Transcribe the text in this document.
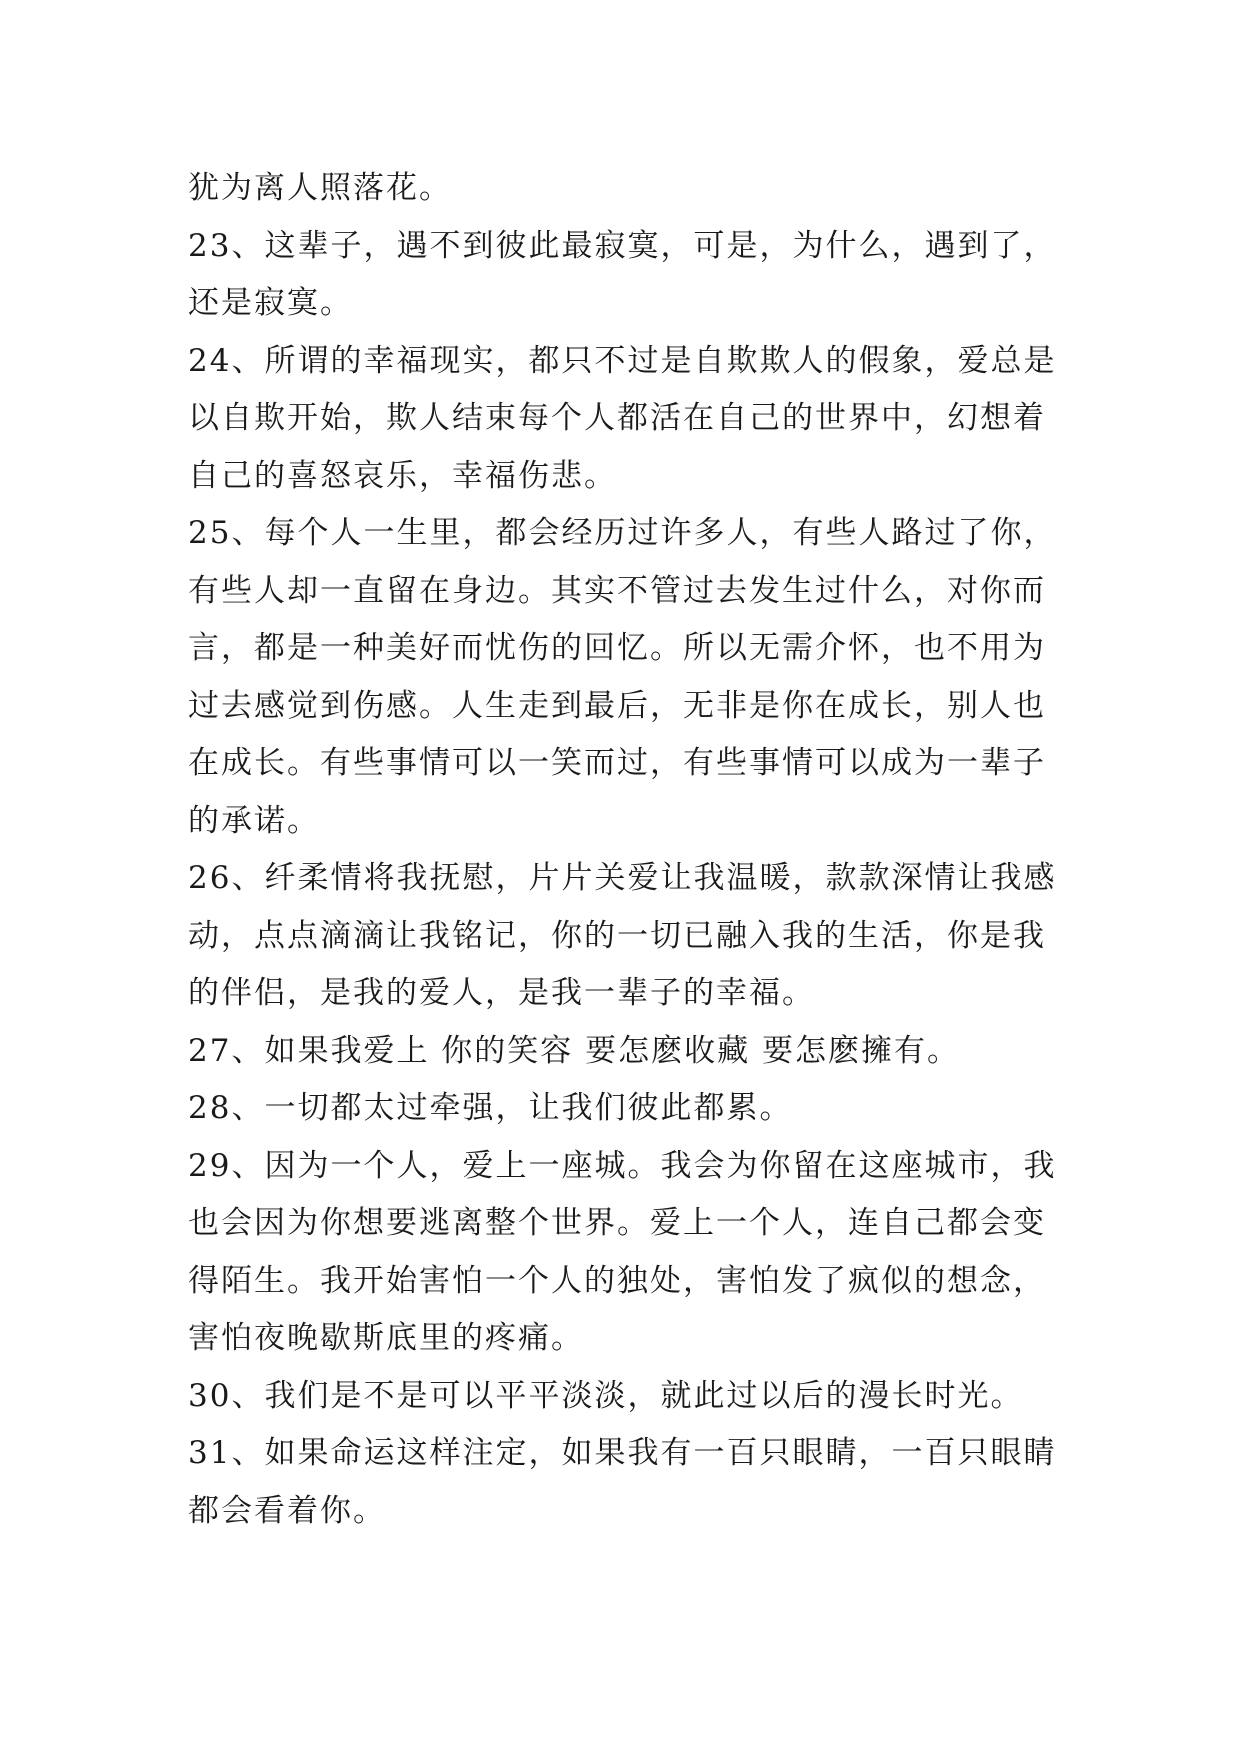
犹为离人照落花。
23、这辈子，遇不到彼此最寂寞，可是，为什么，遇到了，
还是寂寞。
24、所谓的幸福现实，都只不过是自欺欺人的假象，爱总是
以自欺开始，欺人结束每个人都活在自己的世界中，幻想着
自己的喜怒哀乐，幸福伤悲。
25、每个人一生里，都会经历过许多人，有些人路过了你，
有些人却一直留在身边。其实不管过去发生过什么，对你而
言，都是一种美好而忧伤的回忆。所以无需介怀，也不用为
过去感觉到伤感。人生走到最后，无非是你在成长，别人也
在成长。有些事情可以一笑而过，有些事情可以成为一辈子
的承诺。
26、纤柔情将我抚慰，片片关爱让我温暖，款款深情让我感
动，点点滴滴让我铭记，你的一切已融入我的生活，你是我
的伴侣，是我的爱人，是我一辈子的幸福。
27、如果我爱上 你的笑容 要怎麽收藏 要怎麽擁有。
28、一切都太过牵强，让我们彼此都累。
29、因为一个人，爱上一座城。我会为你留在这座城市，我
也会因为你想要逃离整个世界。爱上一个人，连自己都会变
得陌生。我开始害怕一个人的独处，害怕发了疯似的想念，
害怕夜晚歇斯底里的疼痛。
30、我们是不是可以平平淡淡，就此过以后的漫长时光。
31、如果命运这样注定，如果我有一百只眼睛，一百只眼睛
都会看着你。
